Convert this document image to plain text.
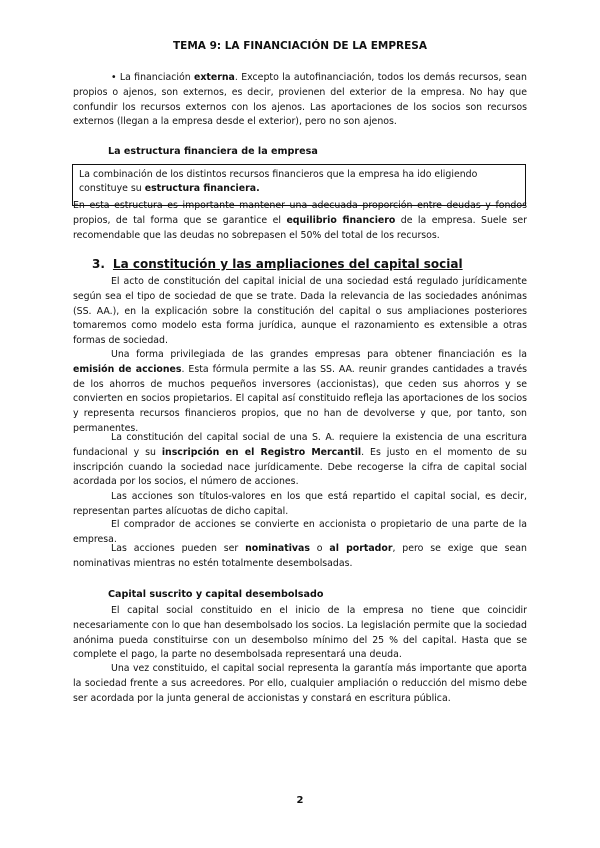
TEMA 9: LA FINANCIACIÓN DE LA EMPRESA

• La financiación externa. Excepto la autofinanciación, todos los demás recursos, sean propios o ajenos, son externos, es decir, provienen del exterior de la empresa. No hay que confundir los recursos externos con los ajenos. Las aportaciones de los socios son recursos externos (llegan a la empresa desde el exterior), pero no son ajenos.

La estructura financiera de la empresa
La combinación de los distintos recursos financieros que la empresa ha ido eligiendo constituye su estructura financiera.

En esta estructura es importante mantener una adecuada proporción entre deudas y fondos propios, de tal forma que se garantice el equilibrio financiero de la empresa. Suele ser recomendable que las deudas no sobrepasen el 50% del total de los recursos.

3. La constitución y las ampliaciones del capital social

El acto de constitución del capital inicial de una sociedad está regulado jurídicamente según sea el tipo de sociedad de que se trate. Dada la relevancia de las sociedades anónimas (SS. AA.), en la explicación sobre la constitución del capital o sus ampliaciones posteriores tomaremos como modelo esta forma jurídica, aunque el razonamiento es extensible a otras formas de sociedad.

Una forma privilegiada de las grandes empresas para obtener financiación es la emisión de acciones. Esta fórmula permite a las SS. AA. reunir grandes cantidades a través de los ahorros de muchos pequeños inversores (accionistas), que ceden sus ahorros y se convierten en socios propietarios. El capital así constituido refleja las aportaciones de los socios y representa recursos financieros propios, que no han de devolverse y que, por tanto, son permanentes.

La constitución del capital social de una S. A. requiere la existencia de una escritura fundacional y su inscripción en el Registro Mercantil. Es justo en el momento de su inscripción cuando la sociedad nace jurídicamente. Debe recogerse la cifra de capital social acordada por los socios, el número de acciones.

Las acciones son títulos-valores en los que está repartido el capital social, es decir, representan partes alícuotas de dicho capital.

El comprador de acciones se convierte en accionista o propietario de una parte de la empresa.

Las acciones pueden ser nominativas o al portador, pero se exige que sean nominativas mientras no estén totalmente desembolsadas.

Capital suscrito y capital desembolsado

El capital social constituido en el inicio de la empresa no tiene que coincidir necesariamente con lo que han desembolsado los socios. La legislación permite que la sociedad anónima pueda constituirse con un desembolso mínimo del 25 % del capital. Hasta que se complete el pago, la parte no desembolsada representará una deuda.

Una vez constituido, el capital social representa la garantía más importante que aporta la sociedad frente a sus acreedores. Por ello, cualquier ampliación o reducción del mismo debe ser acordada por la junta general de accionistas y constará en escritura pública.

2
